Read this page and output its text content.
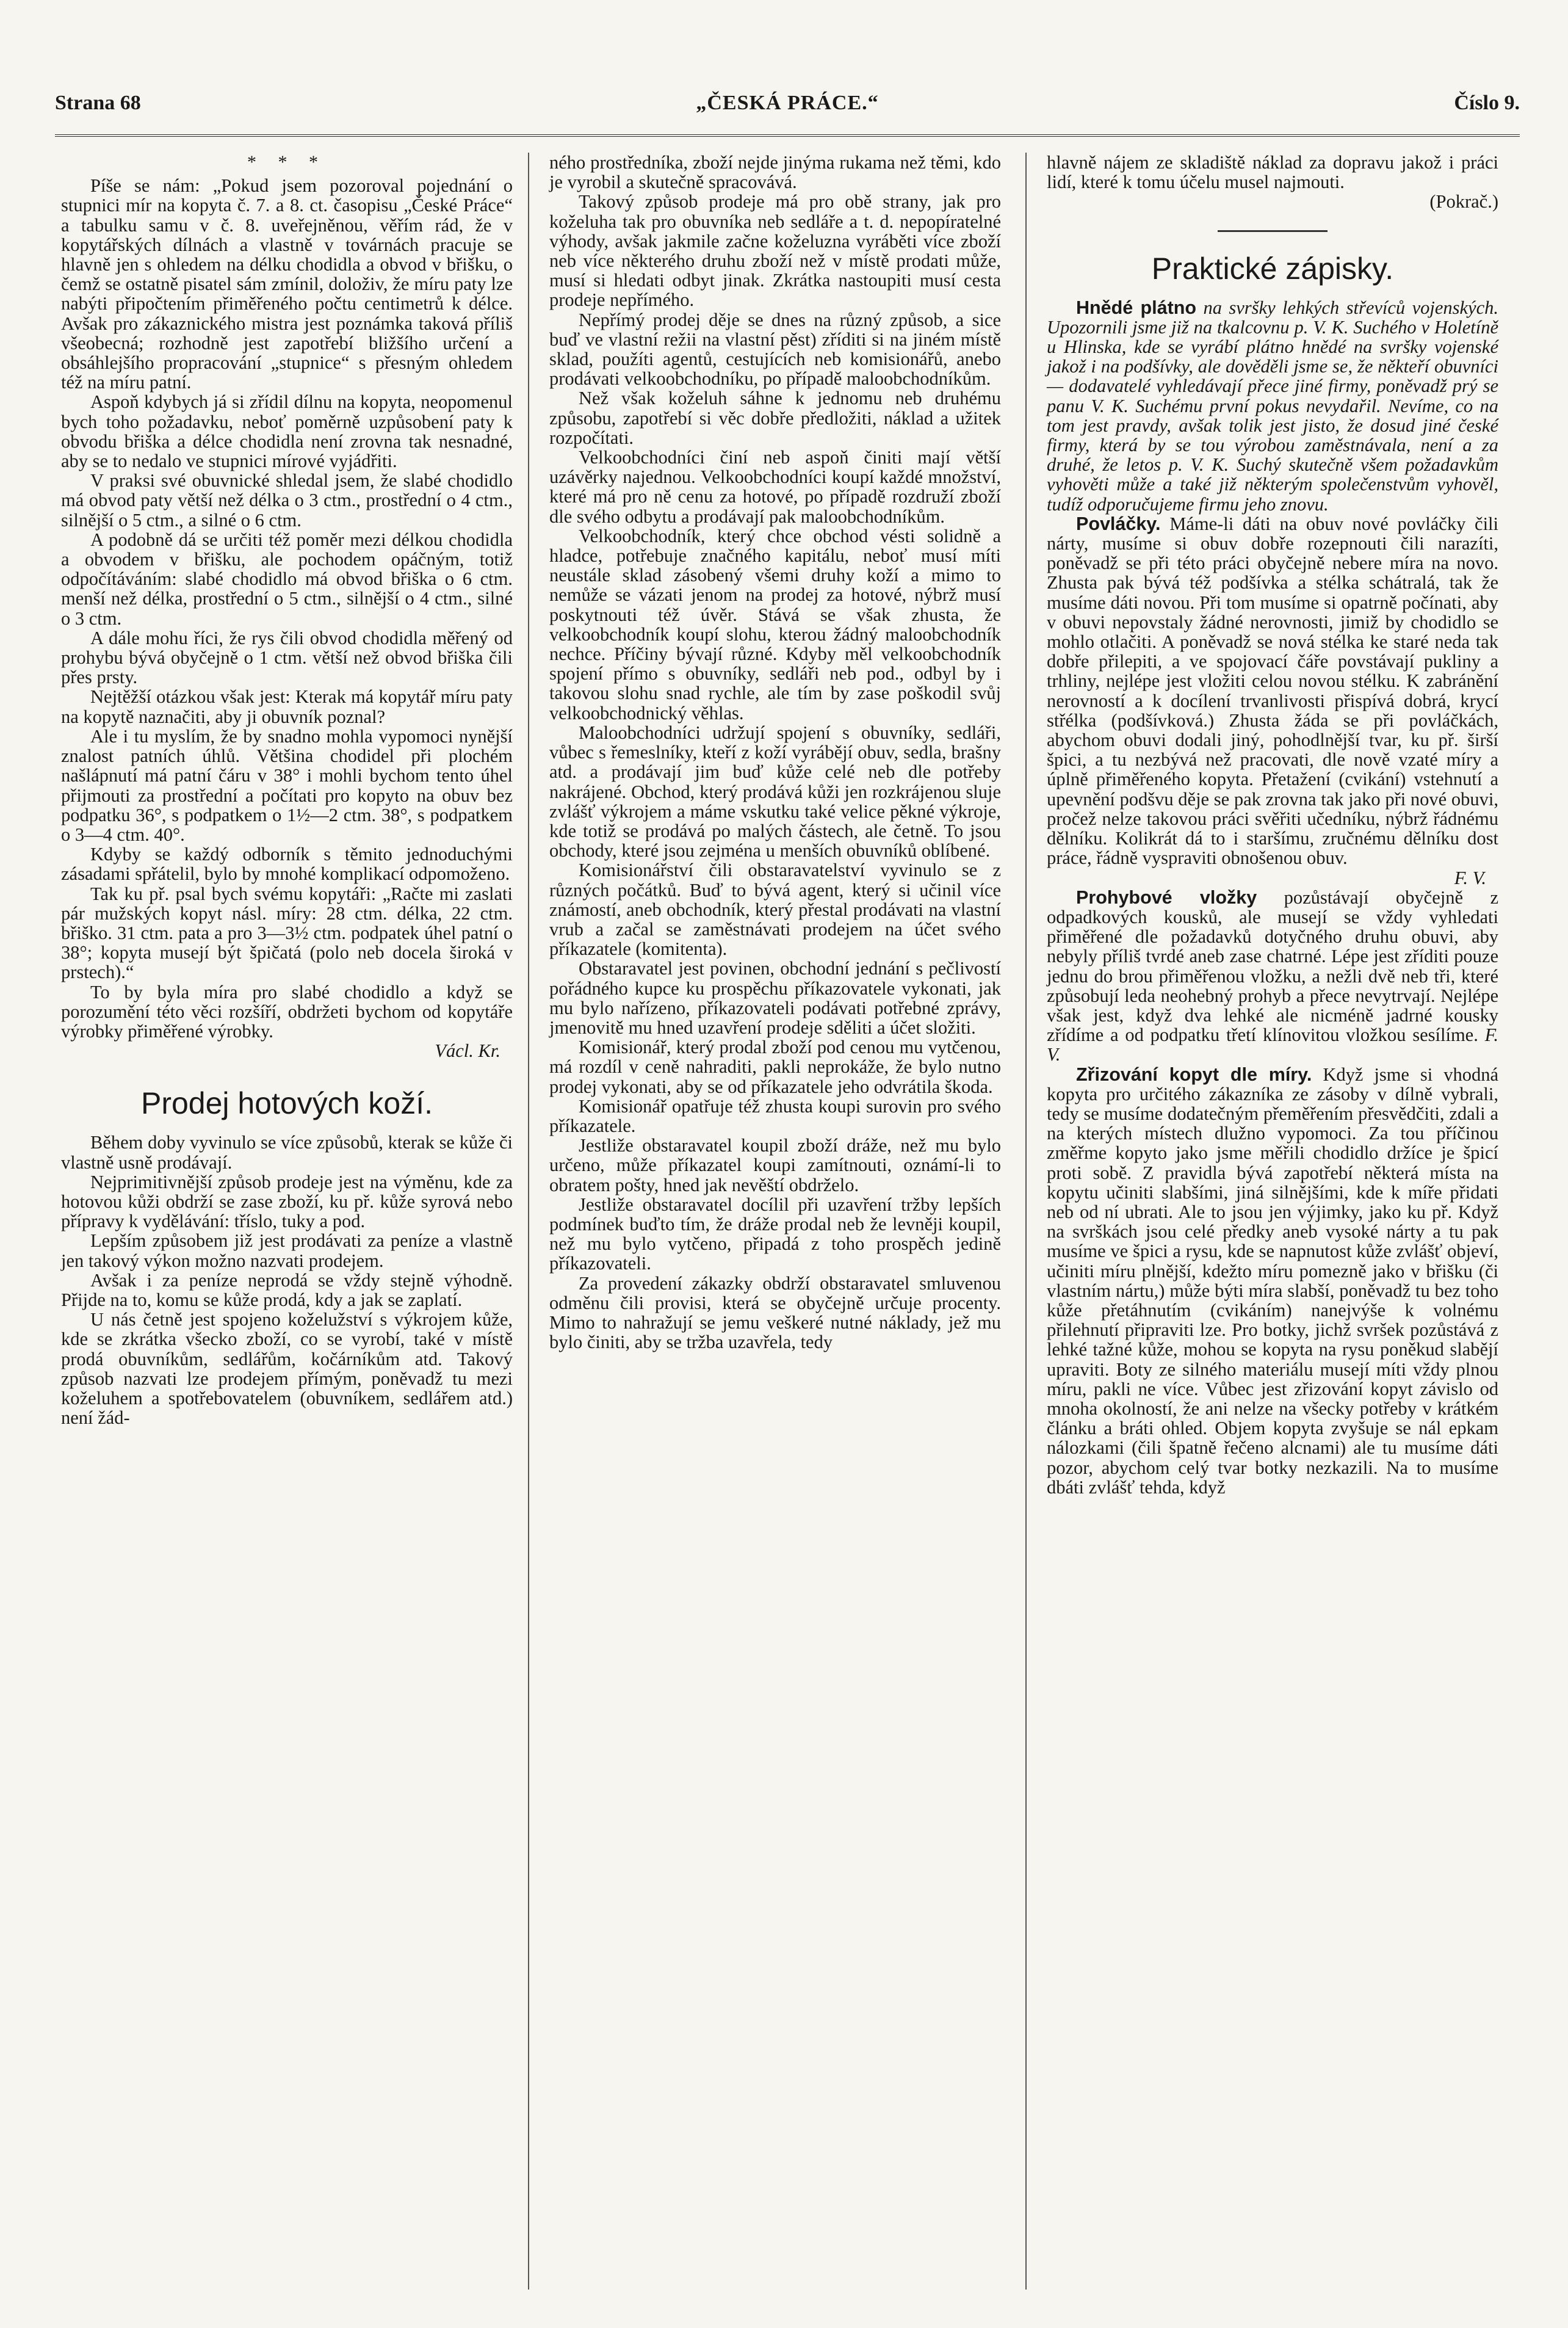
„ČESKÁ PRÁCE.“
Strana 68	Číslo 9.
* * *

Píše se nám: „Pokud jsem pozoroval pojednání o stupnici mír na kopyta č. 7. a 8. ct. časopisu „České Práce“ a tabulku samu v č. 8. uveřejněnou, věřím rád, že v kopytářských dílnách a vlastně v továrnách pracuje se hlavně jen s ohledem na délku chodidla a obvod v břišku, o čemž se ostatně pisatel sám zmínil, doloživ, že míru paty lze nabýti připočtením přiměřeného počtu centimetrů k délce. Avšak pro zákaznického mistra jest poznámka taková příliš všeobecná; rozhodně jest zapotřebí bližšího určení a obsáhlejšího propracování „stupnice“ s přesným ohledem též na míru patní.

Aspoň kdybych já si zřídil dílnu na kopyta, neopomenul bych toho požadavku, neboť poměrně uzpůsobení paty k obvodu břiška a délce chodidla není zrovna tak nesnadné, aby se to nedalo ve stupnici mírové vyjádřiti.

V praksi své obuvnické shledal jsem, že slabé chodidlo má obvod paty větší než délka o 3 ctm., prostřední o 4 ctm., silnější o 5 ctm., a silné o 6 ctm.

A podobně dá se určiti též poměr mezi délkou chodidla a obvodem v břišku, ale pochodem opáčným, totiž odpočítáváním: slabé chodidlo má obvod břiška o 6 ctm. menší než délka, prostřední o 5 ctm., silnější o 4 ctm., silné o 3 ctm.

A dále mohu říci, že rys čili obvod chodidla měřený od prohybu bývá obyčejně o 1 ctm. větší než obvod břiška čili přes prsty.

Nejtěžší otázkou však jest: Kterak má kopytář míru paty na kopytě naznačiti, aby ji obuvník poznal?

Ale i tu myslím, že by snadno mohla vypomoci nynější znalost patních úhlů. Většina chodidel při plochém našlápnutí má patní čáru v 38° i mohli bychom tento úhel přijmouti za prostřední a počítati pro kopyto na obuv bez podpatku 36°, s podpatkem o 1½—2 ctm. 38°, s podpatkem o 3—4 ctm. 40°.

Kdyby se každý odborník s těmito jednoduchými zásadami spřátelil, bylo by mnohé komplikací odpomoženo.

Tak ku př. psal bych svému kopytáři: „Račte mi zaslati pár mužských kopyt násl. míry: 28 ctm. délka, 22 ctm. břiško. 31 ctm. pata a pro 3—3½ ctm. podpatek úhel patní o 38°; kopyta musejí být špičatá (polo neb docela široká v prstech).“

To by byla míra pro slabé chodidlo a když se porozumění této věci rozšíří, obdržeti bychom od kopytáře výrobky přiměřené výrobky.

Václ. Kr.
Prodej hotových koží.

Během doby vyvinulo se více způsobů, kterak se kůže či vlastně usně prodávají.

Nejprimitivnější způsob prodeje jest na výměnu, kde za hotovou kůži obdrží se zase zboží, ku př. kůže syrová nebo přípravy k vydělávání: tříslo, tuky a pod.

Lepším způsobem již jest prodávati za peníze a vlastně jen takový výkon možno nazvati prodejem.

Avšak i za peníze neprodá se vždy stejně výhodně. Přijde na to, komu se kůže prodá, kdy a jak se zaplatí.

U nás četně jest spojeno koželužství s výkrojem kůže, kde se zkrátka všecko zboží, co se vyrobí, také v místě prodá obuvníkům, sedlářům, kočárníkům atd. Takový způsob nazvati lze prodejem přímým, poněvadž tu mezi koželuhem a spotřebovatelem (obuvníkem, sedlářem atd.) není žád-

ného prostředníka, zboží nejde jinýma rukama než těmi, kdo je vyrobil a skutečně spracovává.

Takový způsob prodeje má pro obě strany, jak pro koželuha tak pro obuvníka neb sedláře a t. d. nepopíratelné výhody, avšak jakmile začne koželuzna vyráběti více zboží neb více některého druhu zboží než v místě prodati může, musí si hledati odbyt jinak. Zkrátka nastoupiti musí cesta prodeje nepřímého.

Nepřímý prodej děje se dnes na různý způsob, a sice buď ve vlastní režii na vlastní pěst) zříditi si na jiném místě sklad, použíti agentů, cestujících neb komisionářů, anebo prodávati velkoobchodníku, po případě maloobchodníkům.

Než však koželuh sáhne k jednomu neb druhému způsobu, zapotřebí si věc dobře předložiti, náklad a užitek rozpočítati.

Velkoobchodníci činí neb aspoň činiti mají větší uzávěrky najednou. Velkoobchodníci koupí každé množství, které má pro ně cenu za hotové, po případě rozdruží zboží dle svého odbytu a prodávají pak maloobchodníkům.

Velkoobchodník, který chce obchod vésti solidně a hladce, potřebuje značného kapitálu, neboť musí míti neustále sklad zásobený všemi druhy koží a mimo to nemůže se vázati jenom na prodej za hotové, nýbrž musí poskytnouti též úvěr. Stává se však zhusta, že velkoobchodník koupí slohu, kterou žádný maloobchodník nechce. Příčiny bývají různé. Kdyby měl velkoobchodník spojení přímo s obuvníky, sedláři neb pod., odbyl by i takovou slohu snad rychle, ale tím by zase poškodil svůj velkoobchodnický věhlas.

Maloobchodníci udržují spojení s obuvníky, sedláři, vůbec s řemeslníky, kteří z koží vyrábějí obuv, sedla, brašny atd. a prodávají jim buď kůže celé neb dle potřeby nakrájené. Obchod, který prodává kůži jen rozkrájenou sluje zvlášť výkrojem a máme vskutku také velice pěkné výkroje, kde totiž se prodává po malých částech, ale četně. To jsou obchody, které jsou zejména u menších obuvníků oblíbené.

Komisionářství čili obstaravatelství vyvinulo se z různých počátků. Buď to bývá agent, který si učinil více známostí, aneb obchodník, který přestal prodávati na vlastní vrub a začal se zaměstnávati prodejem na účet svého příkazatele (komitenta).

Obstaravatel jest povinen, obchodní jednání s pečlivostí pořádného kupce ku prospěchu příkazovatele vykonati, jak mu bylo nařízeno, příkazovateli podávati potřebné zprávy, jmenovitě mu hned uzavření prodeje sděliti a účet složiti.

Komisionář, který prodal zboží pod cenou mu vytčenou, má rozdíl v ceně nahraditi, pakli neprokáže, že bylo nutno prodej vykonati, aby se od příkazatele jeho odvrátila škoda.

Komisionář opatřuje též zhusta koupi surovin pro svého příkazatele.

Jestliže obstaravatel koupil zboží dráže, než mu bylo určeno, může příkazatel koupi zamítnouti, oznámí-li to obratem pošty, hned jak nevěští obdrželo.

Jestliže obstaravatel docílil při uzavření tržby lepších podmínek buďto tím, že dráže prodal neb že levněji koupil, než mu bylo vytčeno, připadá z toho prospěch jedině příkazovateli.

Za provedení zákazky obdrží obstaravatel smluvenou odměnu čili provisi, která se obyčejně určuje procenty. Mimo to nahražují se jemu veškeré nutné náklady, jež mu bylo činiti, aby se tržba uzavřela, tedy

hlavně nájem ze skladiště náklad za dopravu jakož i práci lidí, které k tomu účelu musel najmouti.

(Pokrač.)
Praktické zápisky.

Hnědé plátno na svršky lehkých střevíců vojenských. Upozornili jsme již na tkalcovnu p. V. K. Suchého v Holetíně u Hlinska, kde se vyrábí plátno hnědé na svršky vojenské jakož i na podšívky, ale dověděli jsme se, že někteří obuvníci — dodavatelé vyhledávají přece jiné firmy, poněvadž prý se panu V. K. Suchému první pokus nevydařil. Nevíme, co na tom jest pravdy, avšak tolik jest jisto, že dosud jiné české firmy, která by se tou výrobou zaměstnávala, není a za druhé, že letos p. V. K. Suchý skutečně všem požadavkům vyhověti může a také již některým společenstvům vyhověl, tudíž odporučujeme firmu jeho znovu.

Povláčky. Máme-li dáti na obuv nové povláčky čili nárty, musíme si obuv dobře rozepnouti čili narazíti, poněvadž se při této práci obyčejně nebere míra na novo. Zhusta pak bývá též podšívka a stélka schátralá, tak že musíme dáti novou. Při tom musíme si opatrně počínati, aby v obuvi nepovstaly žádné nerovnosti, jimiž by chodidlo se mohlo otlačiti. A poněvadž se nová stélka ke staré neda tak dobře přilepiti, a ve spojovací čáře povstávají pukliny a trhliny, nejlépe jest vložiti celou novou stélku. K zabránění nerovností a k docílení trvanlivosti přispívá dobrá, krycí střélka (podšívková.) Zhusta žáda se při povláčkách, abychom obuvi dodali jiný, pohodlnější tvar, ku př. širší špici, a tu nezbývá než pracovati, dle nově vzaté míry a úplně přiměřeného kopyta. Přetažení (cvikání) vstehnutí a upevnění podšvu děje se pak zrovna tak jako při nové obuvi, pročež nelze takovou práci svěřiti učedníku, nýbrž řádnému dělníku. Kolikrát dá to i staršímu, zručnému dělníku dost práce, řádně vyspraviti obnošenou obuv.

F. V.

Prohybové vložky pozůstávají obyčejně z odpadkových kousků, ale musejí se vždy vyhledati přiměřené dle požadavků dotyčného druhu obuvi, aby nebyly příliš tvrdé aneb zase chatrné. Lépe jest zříditi pouze jednu do brou přiměřenou vložku, a nežli dvě neb tři, které způsobují leda neohebný prohyb a přece nevytrvají. Nejlépe však jest, když dva lehké ale nicméně jadrné kousky zřídíme a od podpatku třetí klínovitou vložkou sesílíme. F. V.

Zřizování kopyt dle míry. Když jsme si vhodná kopyta pro určitého zákazníka ze zásoby v dílně vybrali, tedy se musíme dodatečným přeměřením přesvědčiti, zdali a na kterých místech dlužno vypomoci. Za tou příčinou změřme kopyto jako jsme měřili chodidlo držíce je špicí proti sobě. Z pravidla bývá zapotřebí některá místa na kopytu učiniti slabšími, jiná silnějšími, kde k míře přidati neb od ní ubrati. Ale to jsou jen výjimky, jako ku př. Když na svrškách jsou celé předky aneb vysoké nárty a tu pak musíme ve špici a rysu, kde se napnutost kůže zvlášť objeví, učiniti míru plnější, kdežto míru pomezně jako v břišku (či vlastním nártu,) může býti míra slabší, poněvadž tu bez toho kůže přetáhnutím (cvikáním) nanejvýše k volnému přilehnutí připraviti lze. Pro botky, jichž svršek pozůstává z lehké tažné kůže, mohou se kopyta na rysu poněkud slabějí upraviti. Boty ze silného materiálu musejí míti vždy plnou míru, pakli ne více. Vůbec jest zřizování kopyt závislo od mnoha okolností, že ani nelze na všecky potřeby v krátkém článku a bráti ohled. Objem kopyta zvyšuje se nál epkam nálozkami (čili špatně řečeno alcnami) ale tu musíme dáti pozor, abychom celý tvar botky nezkazili. Na to musíme dbáti zvlášť tehda, když
